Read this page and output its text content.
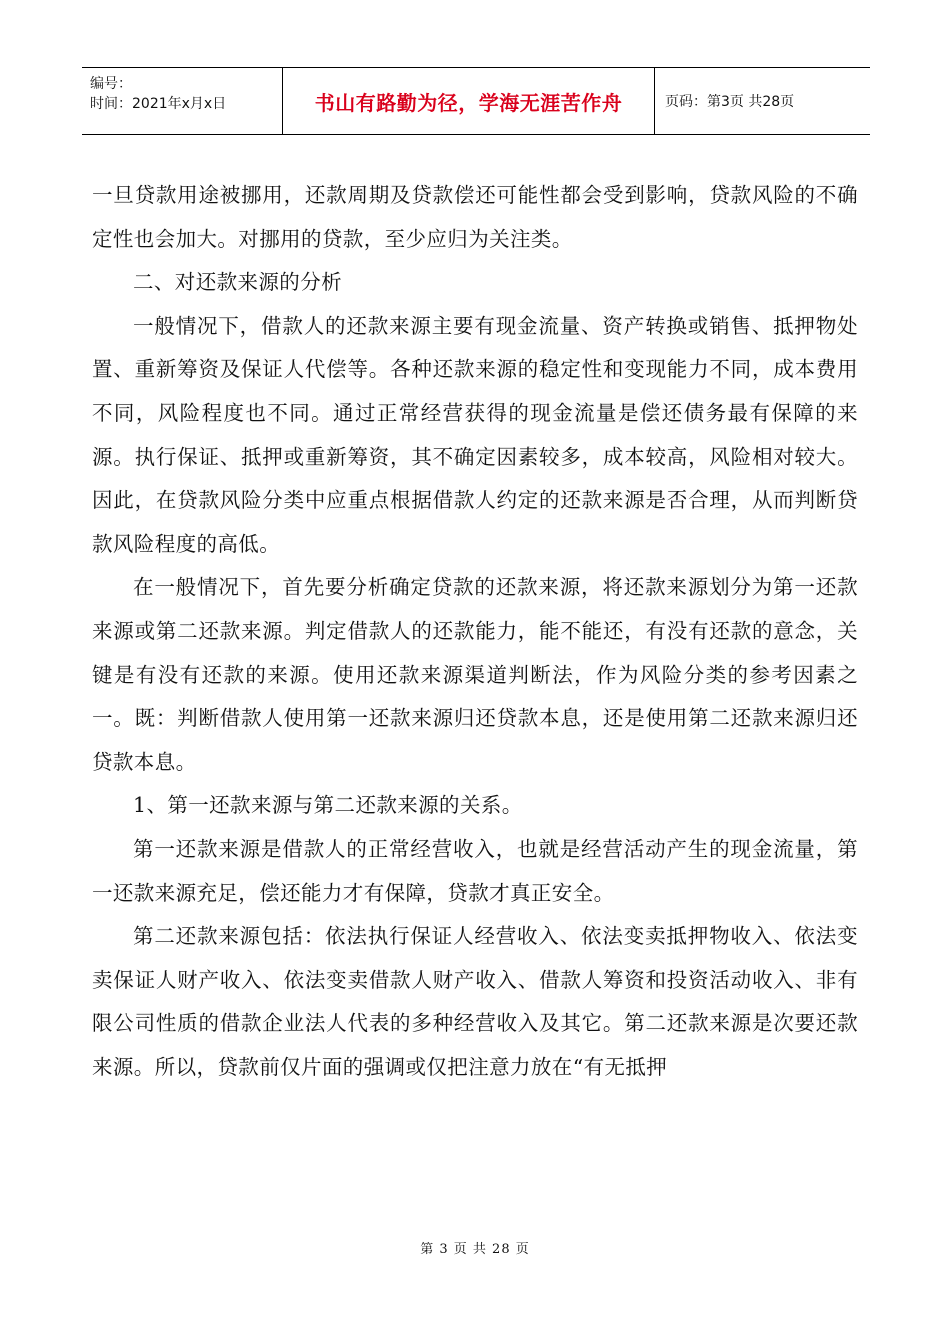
编号：
时间：2021年x月x日	书山有路勤为径，学海无涯苦作舟	页码：第3页 共28页

一旦贷款用途被挪用，还款周期及贷款偿还可能性都会受到影响，贷款风险的不确定性也会加大。对挪用的贷款，至少应归为关注类。

二、对还款来源的分析

一般情况下，借款人的还款来源主要有现金流量、资产转换或销售、抵押物处置、重新筹资及保证人代偿等。各种还款来源的稳定性和变现能力不同，成本费用不同，风险程度也不同。通过正常经营获得的现金流量是偿还债务最有保障的来源。执行保证、抵押或重新筹资，其不确定因素较多，成本较高，风险相对较大。因此，在贷款风险分类中应重点根据借款人约定的还款来源是否合理，从而判断贷款风险程度的高低。

在一般情况下，首先要分析确定贷款的还款来源，将还款来源划分为第一还款来源或第二还款来源。判定借款人的还款能力，能不能还，有没有还款的意念，关键是有没有还款的来源。使用还款来源渠道判断法，作为风险分类的参考因素之一。既：判断借款人使用第一还款来源归还贷款本息，还是使用第二还款来源归还贷款本息。

1、第一还款来源与第二还款来源的关系。

第一还款来源是借款人的正常经营收入，也就是经营活动产生的现金流量，第一还款来源充足，偿还能力才有保障，贷款才真正安全。

第二还款来源包括：依法执行保证人经营收入、依法变卖抵押物收入、依法变卖保证人财产收入、依法变卖借款人财产收入、借款人筹资和投资活动收入、非有限公司性质的借款企业法人代表的多种经营收入及其它。第二还款来源是次要还款来源。所以，贷款前仅片面的强调或仅把注意力放在“有无抵押

第 3 页 共 28 页
